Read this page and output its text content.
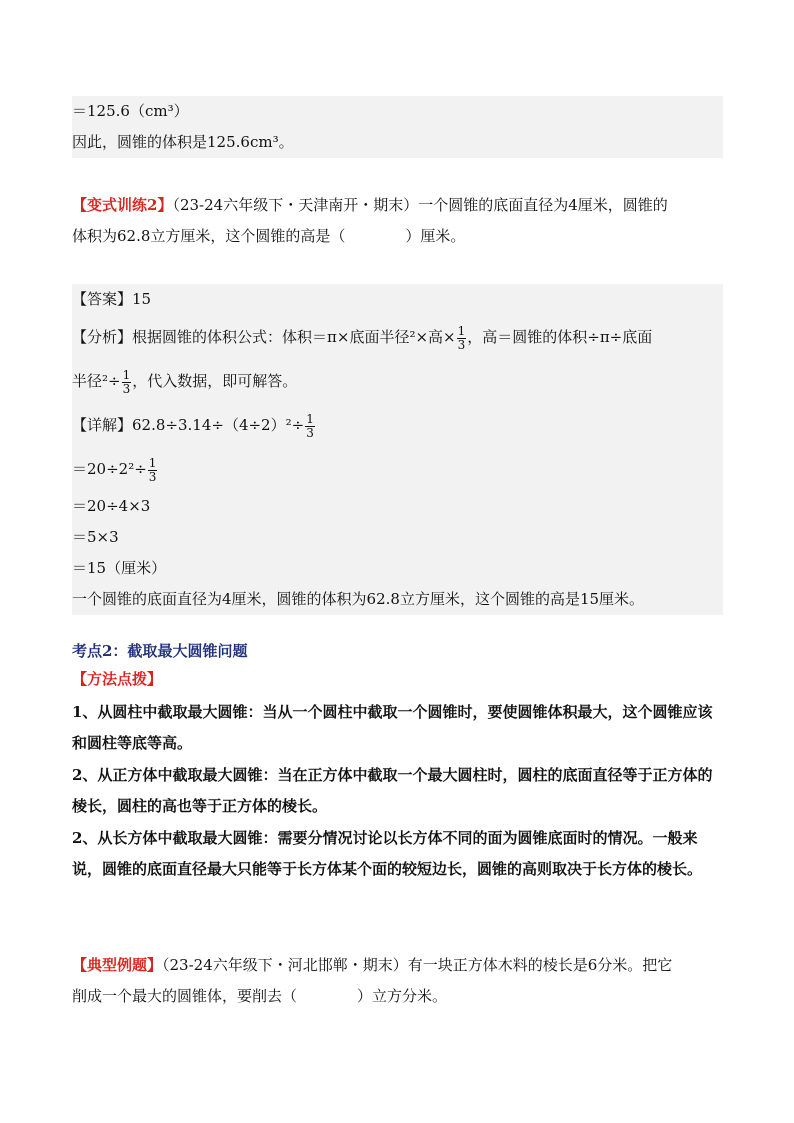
＝125.6（cm³）
因此，圆锥的体积是125.6cm³。
【变式训练2】（23-24六年级下・天津南开・期末）一个圆锥的底面直径为4厘米，圆锥的
体积为62.8立方厘米，这个圆锥的高是（	）厘米。
【答案】15
【分析】根据圆锥的体积公式：体积＝π×底面半径²×高× $\frac{1}{3}$ ，高＝圆锥的体积÷π÷底面
半径$^2\div \frac{1}{3}$ ，代入数据，即可解答。
【详解】$62.8\div 3.14\div(4\div 2)^2\div \frac{1}{3}$
$=20\div 2^2\div \frac{1}{3}$
＝20÷4×3
＝5×3
＝15（厘米）
一个圆锥的底面直径为4厘米，圆锥的体积为62.8立方厘米，这个圆锥的高是15厘米。
考点2：截取最大圆锥问题
【方法点拨】
1、从圆柱中截取最大圆锥：当从一个圆柱中截取一个圆锥时，要使圆锥体积最大，这个圆锥应该和圆柱等底等高。
2、从正方体中截取最大圆锥：当在正方体中截取一个最大圆柱时，圆柱的底面直径等于正方体的棱长，圆柱的高也等于正方体的棱长。
2、从长方体中截取最大圆锥：需要分情况讨论以长方体不同的面为圆锥底面时的情况。一般来说，圆锥的底面直径最大只能等于长方体某个面的较短边长，圆锥的高则取决于长方体的棱长。
【典型例题】（23-24六年级下・河北邯郸・期末）有一块正方体木料的棱长是6分米。把它
削成一个最大的圆锥体，要削去（	）立方分米。
